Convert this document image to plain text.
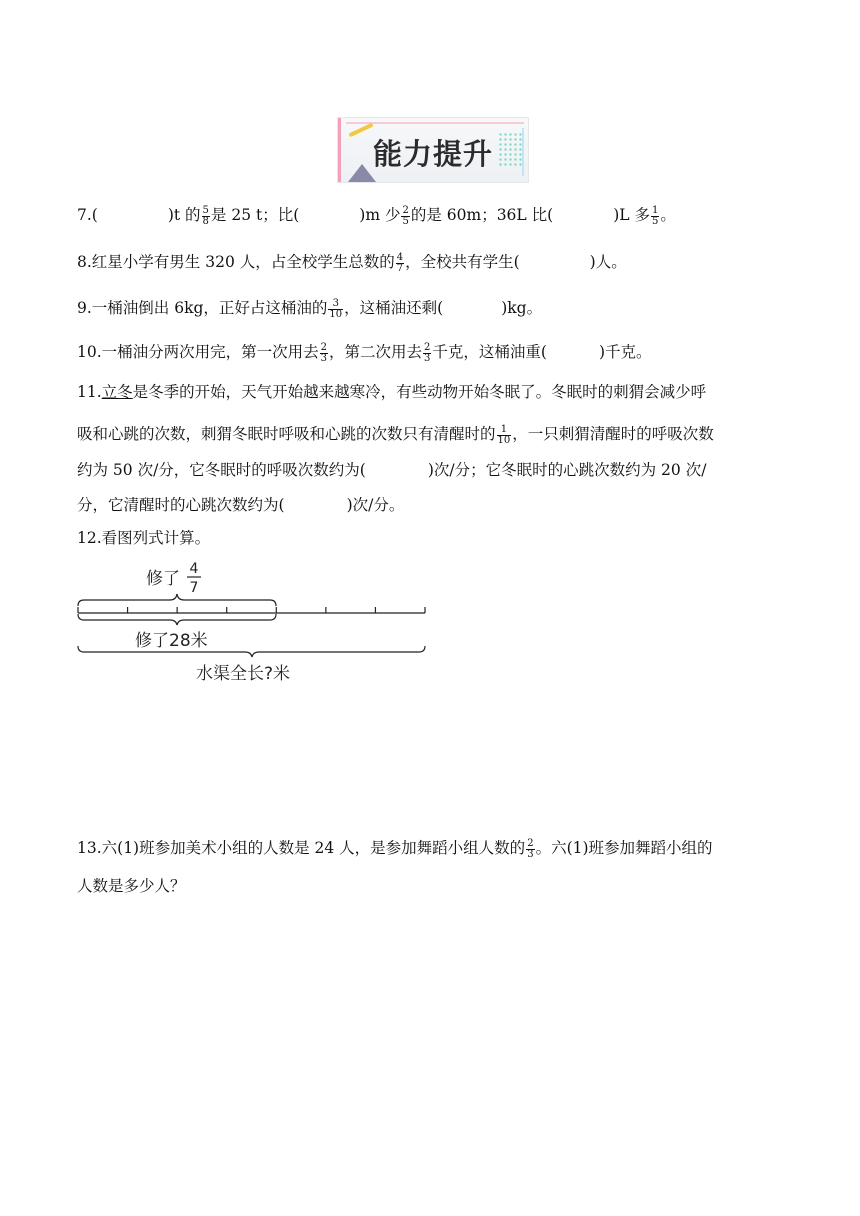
能力提升
7.(	)t 的 $\frac{5}{8}$ 是 25 t；比(	)m 少 $\frac{2}{5}$ 的是 60m；36L 比(	)L 多 $\frac{1}{5}$ 。
8.红星小学有男生 320 人，占全校学生总数的 $\frac{4}{7}$ ，全校共有学生(	)人。
9.一桶油倒出 6kg，正好占这桶油的 $\frac{3}{10}$ ，这桶油还剩(	)kg。
10.一桶油分两次用完，第一次用去 $\frac{2}{3}$ ，第二次用去 $\frac{2}{3}$ 千克，这桶油重(	)千克。
11.立冬是冬季的开始，天气开始越来越寒冷，有些动物开始冬眠了。冬眠时的刺猬会减少呼
吸和心跳的次数，刺猬冬眠时呼吸和心跳的次数只有清醒时的 $\frac{1}{10}$ ，一只刺猬清醒时的呼吸次数
约为 50 次/分，它冬眠时的呼吸次数约为(	)次/分；它冬眠时的心跳次数约为 20 次/
分，它清醒时的心跳次数约为(	)次/分。
12.看图列式计算。
修了 4
7
修了28米
水渠全长?米
13.六(1)班参加美术小组的人数是 24 人，是参加舞蹈小组人数的 $\frac{2}{3}$ 。六(1)班参加舞蹈小组的
人数是多少人？
